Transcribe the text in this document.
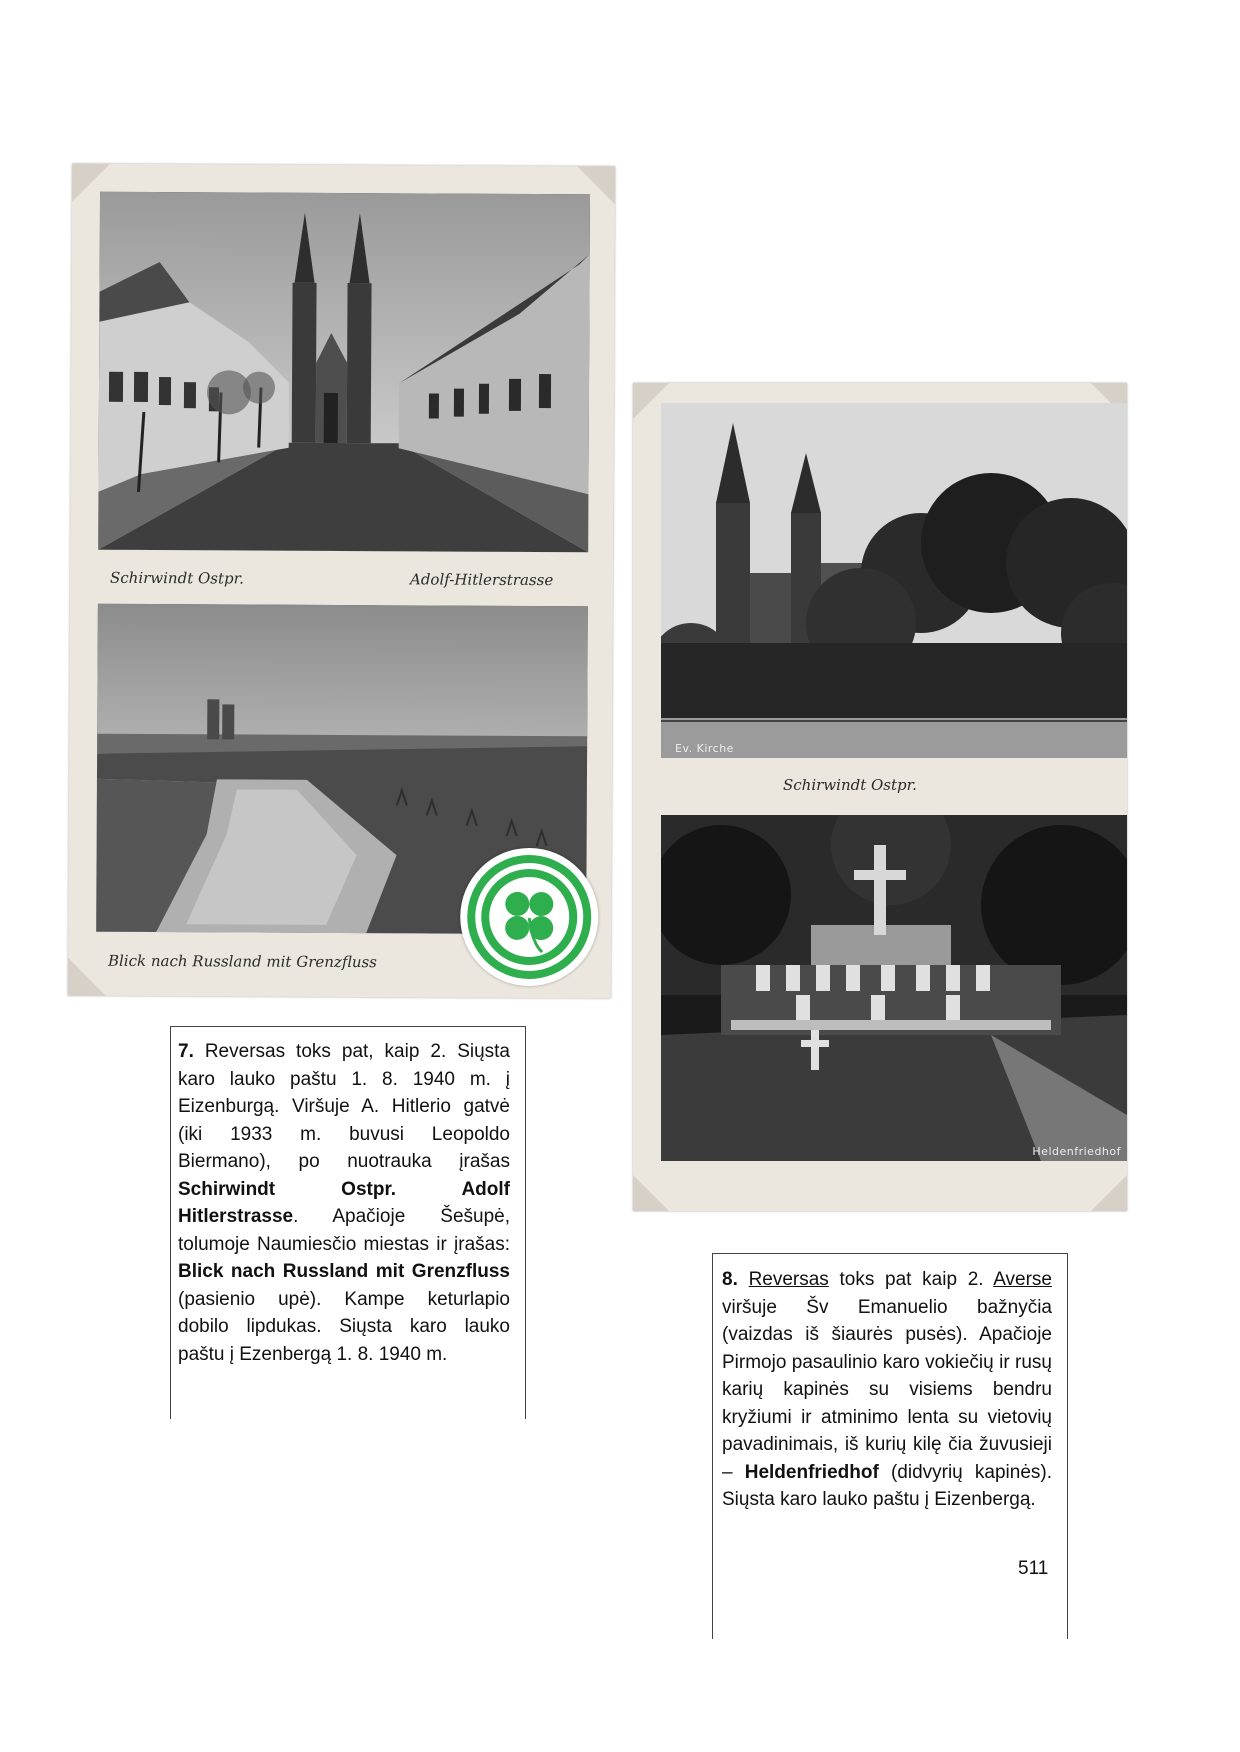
Schirwindt Ostpr.	Adolf-Hitlerstrasse
Blick nach Russland mit Grenzfluss
Ev. Kirche
Schirwindt Ostpr.
Heldenfriedhof
7. Reversas toks pat, kaip 2. Siųsta karo lauko paštu 1. 8. 1940 m. į Eizenburgą. Viršuje A. Hitlerio gatvė (iki 1933 m. buvusi Leopoldo Biermano), po nuotrauka įrašas Schirwindt Ostpr. Adolf Hitlerstrasse. Apačioje Šešupė, tolumoje Naumiesčio miestas ir įrašas: Blick nach Russland mit Grenzfluss (pasienio upė). Kampe keturlapio dobilo lipdukas. Siųsta karo lauko paštu į Ezenbergą 1. 8. 1940 m.
8. Reversas toks pat kaip 2. Averse viršuje Šv Emanuelio bažnyčia (vaizdas iš šiaurės pusės). Apačioje Pirmojo pasaulinio karo vokiečių ir rusų karių kapinės su visiems bendru kryžiumi ir atminimo lenta su vietovių pavadinimais, iš kurių kilę čia žuvusieji – Heldenfriedhof (didvyrių kapinės). Siųsta karo lauko paštu į Eizenbergą.
511
